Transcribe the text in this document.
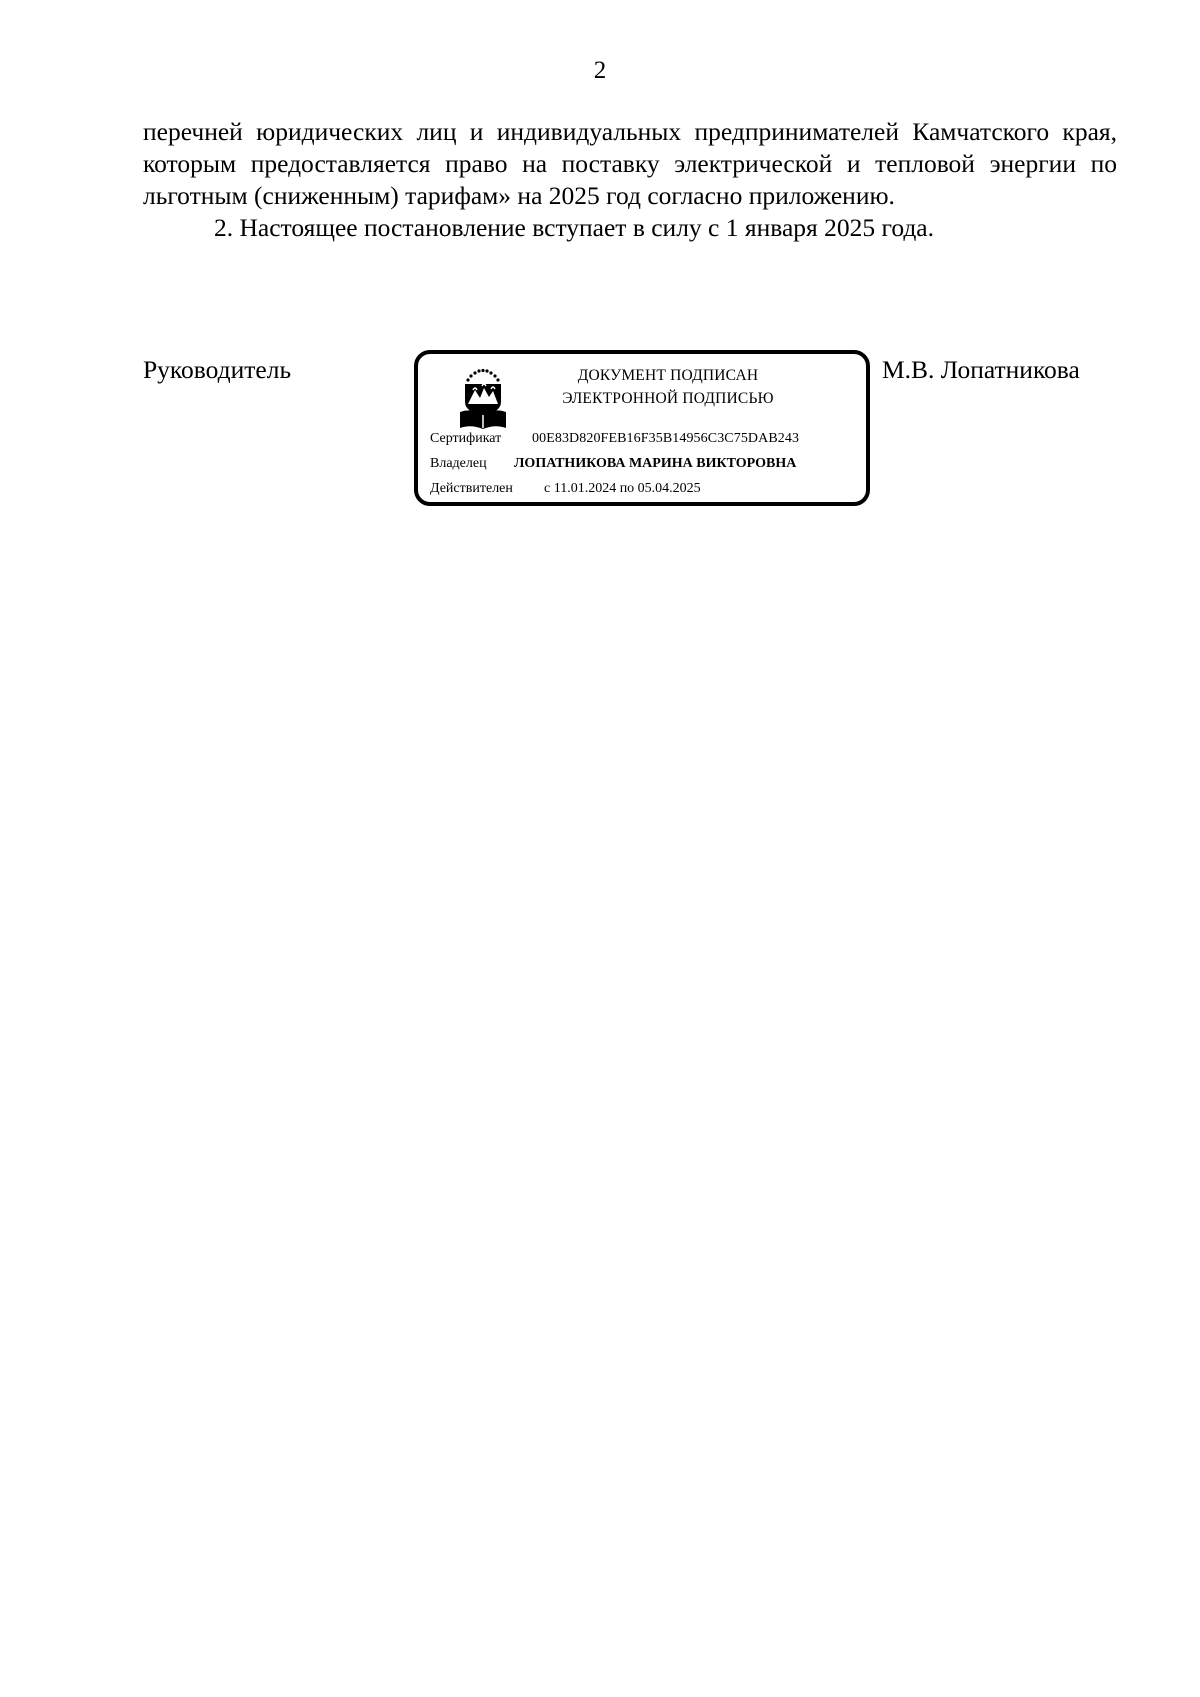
2

перечней юридических лиц и индивидуальных предпринимателей Камчатского края, которым предоставляется право на поставку электрической и тепловой энергии по льготным (сниженным) тарифам» на 2025 год согласно приложению.

2. Настоящее постановление вступает в силу с 1 января 2025 года.

Руководитель	ДОКУМЕНТ ПОДПИСАН
ЭЛЕКТРОННОЙ ПОДПИСЬЮ
Сертификат 00E83D820FEB16F35B14956C3C75DAB243
Владелец ЛОПАТНИКОВА МАРИНА ВИКТОРОВНА
Действителен с 11.01.2024 по 05.04.2025
М.В. Лопатникова
